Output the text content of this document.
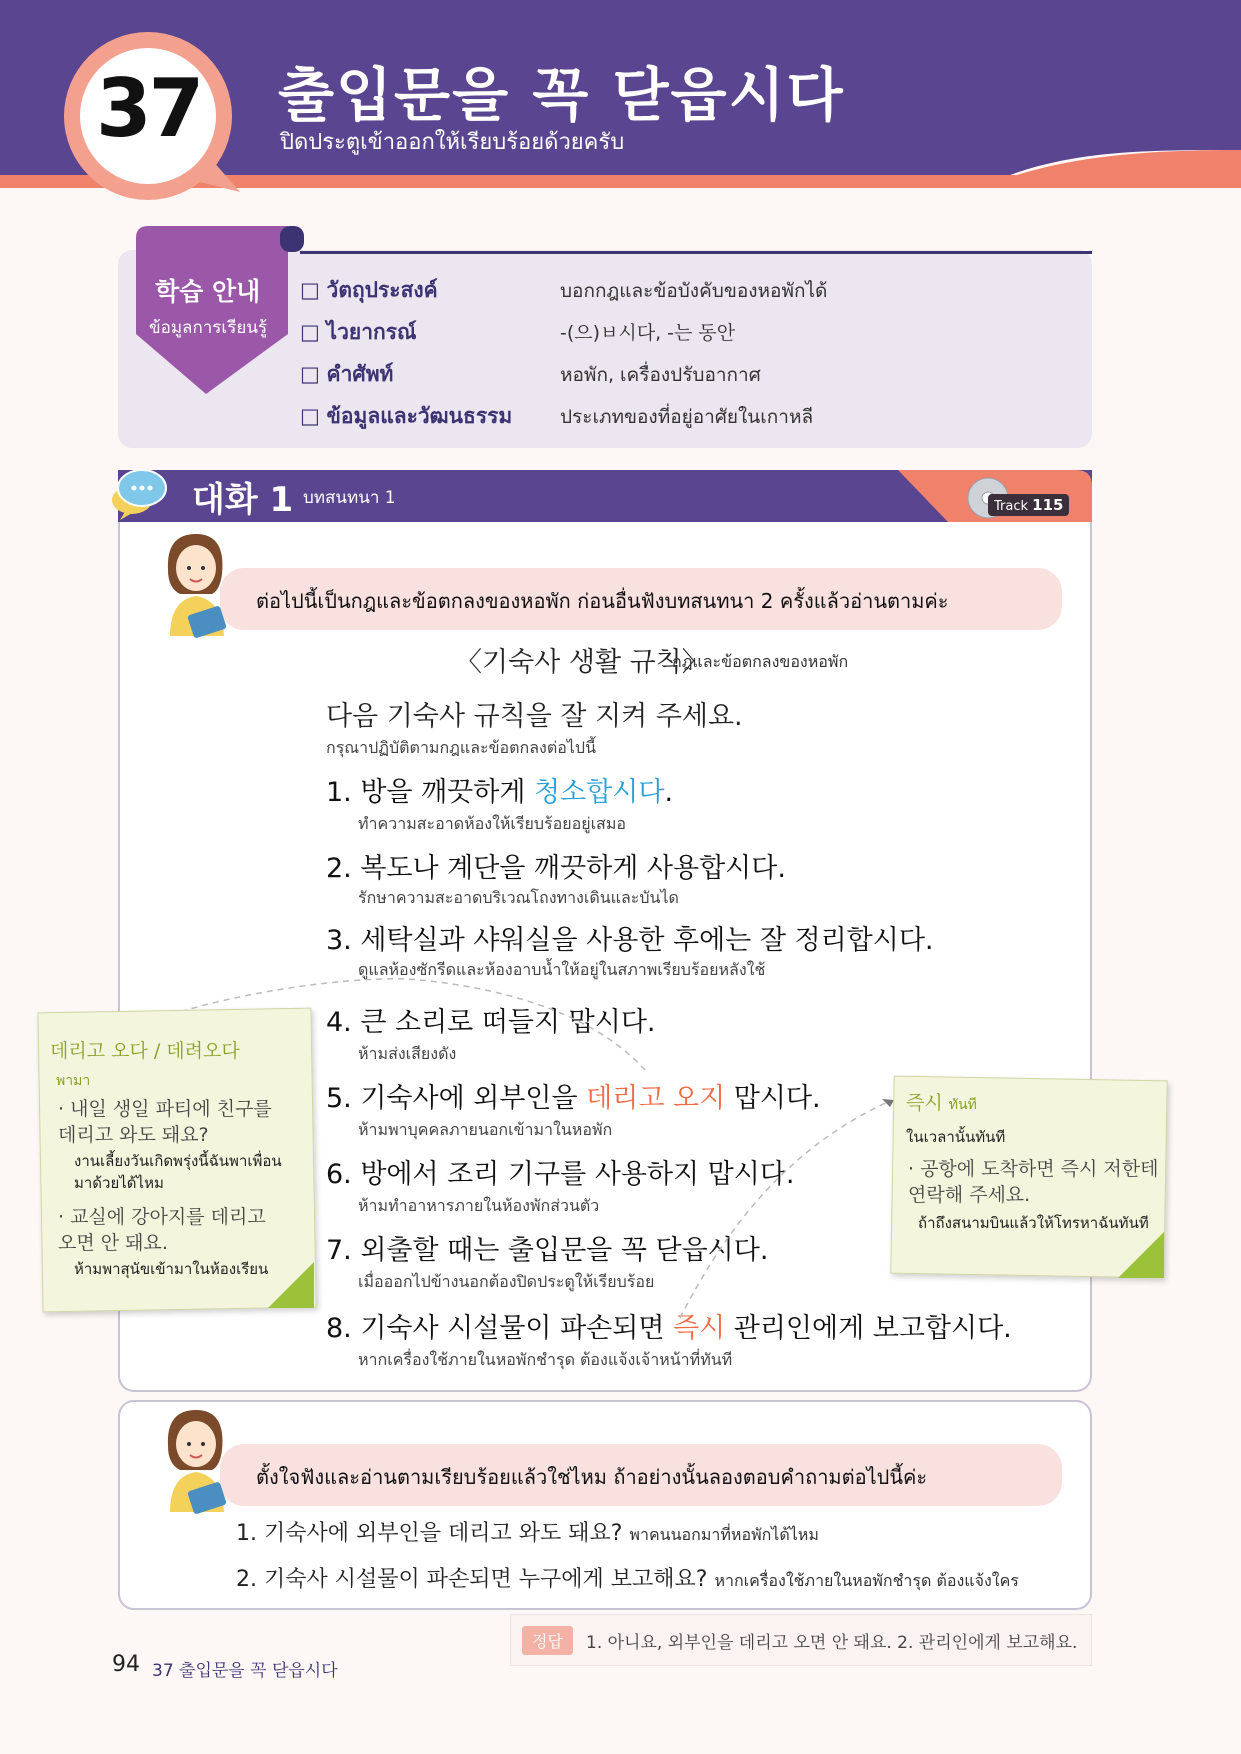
37 출입문을 꼭 닫읍시다
ปิดประตูเข้าออกให้เรียบร้อยด้วยครับ
학습 안내
ข้อมูลการเรียนรู้
□ วัตถุประสงค์	บอกกฎและข้อบังคับของหอพักได้
□ ไวยากรณ์	-(으)ㅂ시다, -는 동안
□ คำศัพท์	หอพัก, เครื่องปรับอากาศ
□ ข้อมูลและวัฒนธรรม	ประเภทของที่อยู่อาศัยในเกาหลี
대화 1 บทสนทนา 1	Track 115
ต่อไปนี้เป็นกฎและข้อตกลงของหอพัก ก่อนอื่นฟังบทสนทนา 2 ครั้งแล้วอ่านตามค่ะ
〈기숙사 생활 규칙〉
กฎและข้อตกลงของหอพัก
다음 기숙사 규칙을 잘 지켜 주세요.
กรุณาปฏิบัติตามกฎและข้อตกลงต่อไปนี้
1. 방을 깨끗하게 청소합시다.
ทำความสะอาดห้องให้เรียบร้อยอยู่เสมอ
2. 복도나 계단을 깨끗하게 사용합시다.
รักษาความสะอาดบริเวณโถงทางเดินและบันได
3. 세탁실과 샤워실을 사용한 후에는 잘 정리합시다.
ดูแลห้องซักรีดและห้องอาบน้ำให้อยู่ในสภาพเรียบร้อยหลังใช้
4. 큰 소리로 떠들지 맙시다.
ห้ามส่งเสียงดัง
5. 기숙사에 외부인을 데리고 오지 맙시다.
ห้ามพาบุคคลภายนอกเข้ามาในหอพัก
6. 방에서 조리 기구를 사용하지 맙시다.
ห้ามทำอาหารภายในห้องพักส่วนตัว
7. 외출할 때는 출입문을 꼭 닫읍시다.
เมื่อออกไปข้างนอกต้องปิดประตูให้เรียบร้อย
8. 기숙사 시설물이 파손되면 즉시 관리인에게 보고합시다.
หากเครื่องใช้ภายในหอพักชำรุด ต้องแจ้งเจ้าหน้าที่ทันที
데리고 오다 / 데려오다
พามา
· 내일 생일 파티에 친구를 데리고 와도 돼요?
งานเลี้ยงวันเกิดพรุ่งนี้ฉันพาเพื่อนมาด้วยได้ไหม
· 교실에 강아지를 데리고 오면 안 돼요.
ห้ามพาสุนัขเข้ามาในห้องเรียน
즉시 ทันที
ในเวลานั้นทันที
· 공항에 도착하면 즉시 저한테 연락해 주세요.
ถ้าถึงสนามบินแล้วให้โทรหาฉันทันที
ตั้งใจฟังและอ่านตามเรียบร้อยแล้วใช่ไหม ถ้าอย่างนั้นลองตอบคำถามต่อไปนี้ค่ะ
1. 기숙사에 외부인을 데리고 와도 돼요? พาคนนอกมาที่หอพักได้ไหม
2. 기숙사 시설물이 파손되면 누구에게 보고해요? หากเครื่องใช้ภายในหอพักชำรุด ต้องแจ้งใคร
정답	1. 아니요, 외부인을 데리고 오면 안 돼요. 2. 관리인에게 보고해요.
94 37 출입문을 꼭 닫읍시다
